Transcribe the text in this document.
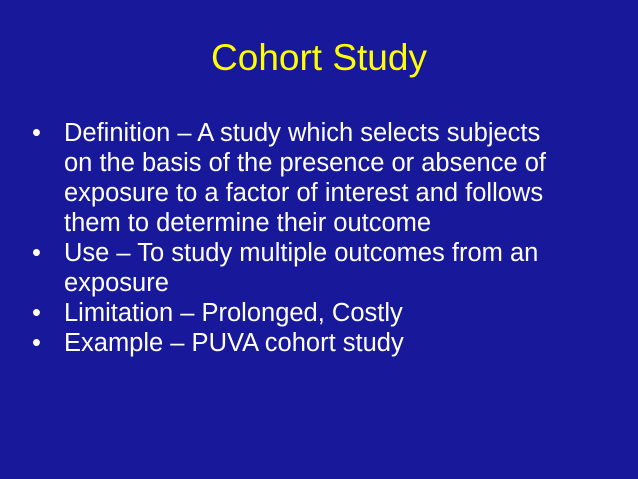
Cohort Study
• Definition – A study which selects subjects
on the basis of the presence or absence of
exposure to a factor of interest and follows
them to determine their outcome
• Use – To study multiple outcomes from an
exposure
• Limitation – Prolonged, Costly
• Example – PUVA cohort study
